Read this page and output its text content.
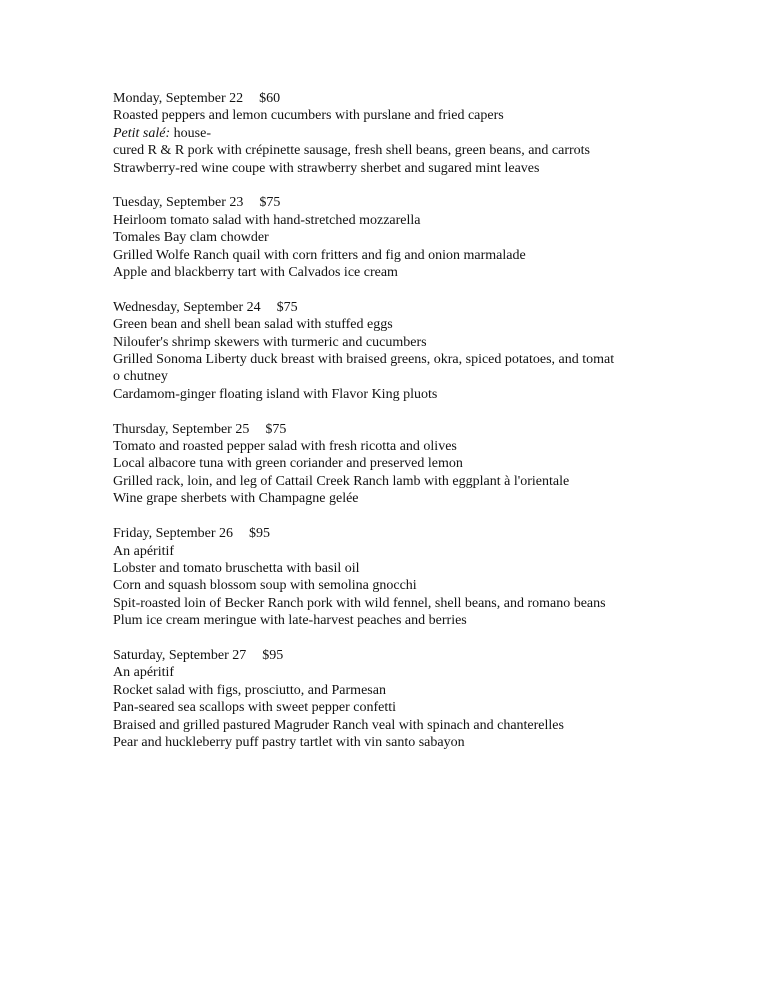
Monday, September 22 $60
Roasted peppers and lemon cucumbers with purslane and fried capers
Petit salé: house-
cured R & R pork with crépinette sausage, fresh shell beans, green beans, and carrots
Strawberry-red wine coupe with strawberry sherbet and sugared mint leaves
Tuesday, September 23 $75
Heirloom tomato salad with hand-stretched mozzarella
Tomales Bay clam chowder
Grilled Wolfe Ranch quail with corn fritters and fig and onion marmalade
Apple and blackberry tart with Calvados ice cream
Wednesday, September 24 $75
Green bean and shell bean salad with stuffed eggs
Niloufer's shrimp skewers with turmeric and cucumbers
Grilled Sonoma Liberty duck breast with braised greens, okra, spiced potatoes, and tomat
o chutney
Cardamom-ginger floating island with Flavor King pluots
Thursday, September 25 $75
Tomato and roasted pepper salad with fresh ricotta and olives
Local albacore tuna with green coriander and preserved lemon
Grilled rack, loin, and leg of Cattail Creek Ranch lamb with eggplant à l'orientale
Wine grape sherbets with Champagne gelée
Friday, September 26 $95
An apéritif
Lobster and tomato bruschetta with basil oil
Corn and squash blossom soup with semolina gnocchi
Spit-roasted loin of Becker Ranch pork with wild fennel, shell beans, and romano beans
Plum ice cream meringue with late-harvest peaches and berries
Saturday, September 27 $95
An apéritif
Rocket salad with figs, prosciutto, and Parmesan
Pan-seared sea scallops with sweet pepper confetti
Braised and grilled pastured Magruder Ranch veal with spinach and chanterelles
Pear and huckleberry puff pastry tartlet with vin santo sabayon
